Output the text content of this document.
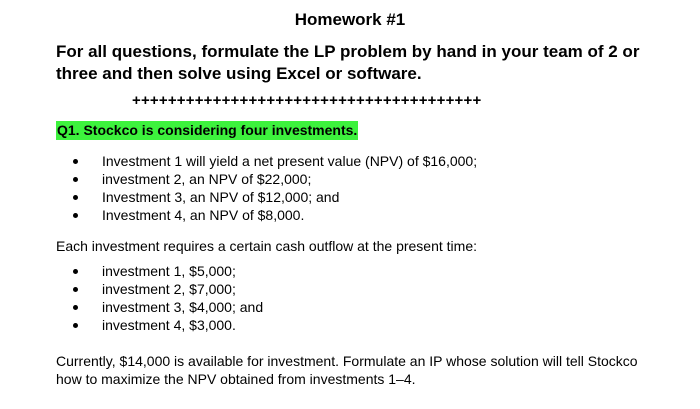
Homework #1
For all questions, formulate the LP problem by hand in your team of 2 or three and then solve using Excel or software.
+++++++++++++++++++++++++++++++++++++++
Q1. Stockco is considering four investments.
Investment 1 will yield a net present value (NPV) of $16,000;
investment 2, an NPV of $22,000;
Investment 3, an NPV of $12,000; and
Investment 4, an NPV of $8,000.
Each investment requires a certain cash outflow at the present time:
investment 1, $5,000;
investment 2, $7,000;
investment 3, $4,000; and
investment 4, $3,000.
Currently, $14,000 is available for investment. Formulate an IP whose solution will tell Stockco how to maximize the NPV obtained from investments 1–4.
